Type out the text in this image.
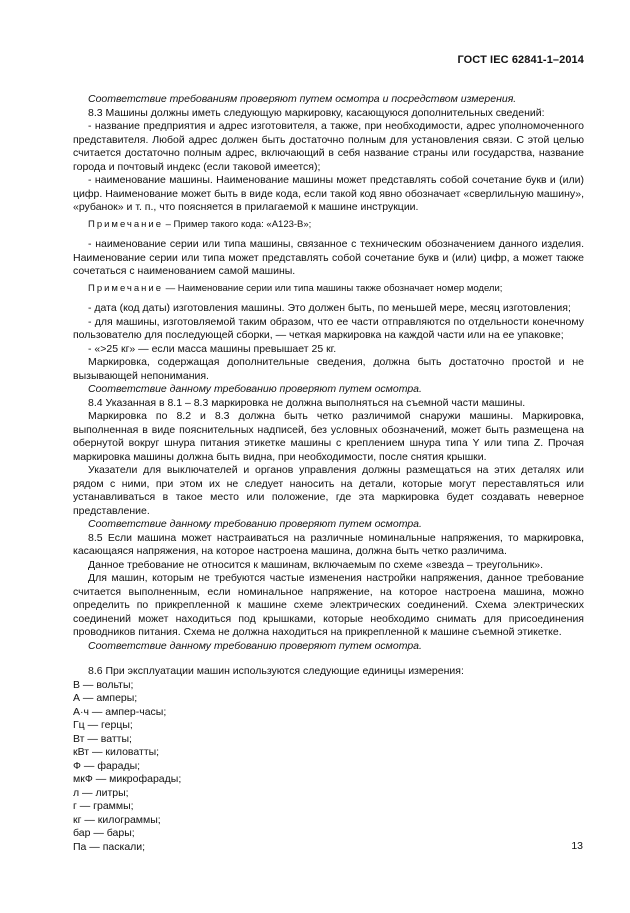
ГОСТ IEC 62841-1–2014

Соответствие требованиям проверяют путем осмотра и посредством измерения.

8.3 Машины должны иметь следующую маркировку, касающуюся дополнительных сведений:

- название предприятия и адрес изготовителя, а также, при необходимости, адрес уполномоченного представителя. Любой адрес должен быть достаточно полным для установления связи. С этой целью считается достаточно полным адрес, включающий в себя название страны или государства, название города и почтовый индекс (если таковой имеется);

- наименование машины. Наименование машины может представлять собой сочетание букв и (или) цифр. Наименование может быть в виде кода, если такой код явно обозначает «сверлильную машину», «рубанок» и т. п., что поясняется в прилагаемой к машине инструкции.

Примечание – Пример такого кода: «А123-В»;

- наименование серии или типа машины, связанное с техническим обозначением данного изделия. Наименование серии или типа может представлять собой сочетание букв и (или) цифр, а может также сочетаться с наименованием самой машины.

Примечание — Наименование серии или типа машины также обозначает номер модели;

- дата (код даты) изготовления машины. Это должен быть, по меньшей мере, месяц изготовления;

- для машины, изготовляемой таким образом, что ее части отправляются по отдельности конечному пользователю для последующей сборки, — четкая маркировка на каждой части или на ее упаковке;

- «>25 кг» — если масса машины превышает 25 кг.

Маркировка, содержащая дополнительные сведения, должна быть достаточно простой и не вызывающей непонимания.

Соответствие данному требованию проверяют путем осмотра.

8.4 Указанная в 8.1 – 8.3 маркировка не должна выполняться на съемной части машины.

Маркировка по 8.2 и 8.3 должна быть четко различимой снаружи машины. Маркировка, выполненная в виде пояснительных надписей, без условных обозначений, может быть размещена на обернутой вокруг шнура питания этикетке машины с креплением шнура типа Y или типа Z. Прочая маркировка машины должна быть видна, при необходимости, после снятия крышки.

Указатели для выключателей и органов управления должны размещаться на этих деталях или рядом с ними, при этом их не следует наносить на детали, которые могут переставляться или устанавливаться в такое место или положение, где эта маркировка будет создавать неверное представление.

Соответствие данному требованию проверяют путем осмотра.

8.5 Если машина может настраиваться на различные номинальные напряжения, то маркировка, касающаяся напряжения, на которое настроена машина, должна быть четко различима.

Данное требование не относится к машинам, включаемым по схеме «звезда – треугольник».

Для машин, которым не требуются частые изменения настройки напряжения, данное требование считается выполненным, если номинальное напряжение, на которое настроена машина, можно определить по прикрепленной к машине схеме электрических соединений. Схема электрических соединений может находиться под крышками, которые необходимо снимать для присоединения проводников питания. Схема не должна находиться на прикрепленной к машине съемной этикетке.

Соответствие данному требованию проверяют путем осмотра.

8.6 При эксплуатации машин используются следующие единицы измерения:

В — вольты;

А — амперы;

А·ч — ампер-часы;

Гц — герцы;

Вт — ватты;

кВт — киловатты;

Ф — фарады;

мкФ — микрофарады;

л — литры;

г — граммы;

кг — килограммы;

бар — бары;

Па — паскали;	13
